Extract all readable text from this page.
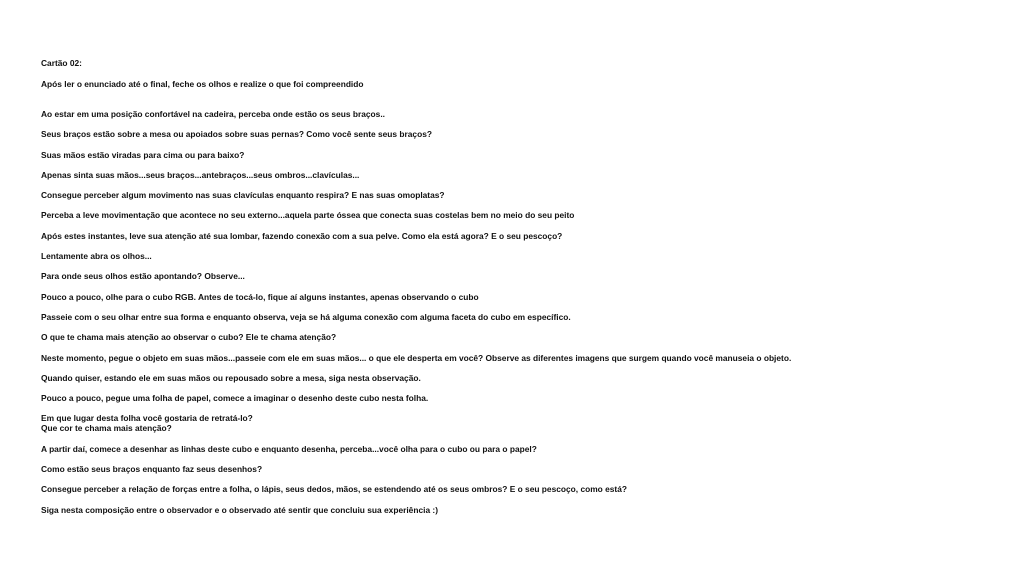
Cartão 02:

Após ler o enunciado até o final, feche os olhos e realize o que foi compreendido

Ao estar em uma posição confortável na cadeira, perceba onde estão os seus braços..

Seus braços estão sobre a mesa ou apoiados sobre suas pernas? Como você sente seus braços?

Suas mãos estão viradas para cima ou para baixo?

Apenas sinta suas mãos...seus braços...antebraços...seus ombros...clavículas...

Consegue perceber algum movimento nas suas clavículas enquanto respira? E nas suas omoplatas?

Perceba a leve movimentação que acontece no seu externo...aquela parte óssea que conecta suas costelas bem no meio do seu peito

Após estes instantes, leve sua atenção até sua lombar, fazendo conexão com a sua pelve. Como ela está agora? E o seu pescoço?

Lentamente abra os olhos...

Para onde seus olhos estão apontando? Observe...

Pouco a pouco, olhe para o cubo RGB. Antes de tocá-lo, fique aí alguns instantes, apenas observando o cubo

Passeie com o seu olhar entre sua forma e enquanto observa, veja se há alguma conexão com alguma faceta do cubo em específico.

O que te chama mais atenção ao observar o cubo? Ele te chama atenção?

Neste momento, pegue o objeto em suas mãos...passeie com ele em suas mãos... o que ele desperta em você? Observe as diferentes imagens que surgem quando você manuseia o objeto.

Quando quiser, estando ele em suas mãos ou repousado sobre a mesa, siga nesta observação.

Pouco a pouco, pegue uma folha de papel, comece a imaginar o desenho deste cubo nesta folha.

Em que lugar desta folha você gostaria de retratá-lo?

Que cor te chama mais atenção?

A partir daí, comece a desenhar as linhas deste cubo e enquanto desenha, perceba...você olha para o cubo ou para o papel?

Como estão seus braços enquanto faz seus desenhos?

Consegue perceber a relação de forças entre a folha, o lápis, seus dedos, mãos, se estendendo até os seus ombros? E o seu pescoço, como está?

Siga nesta composição entre o observador e o observado até sentir que concluiu sua experiência :)
